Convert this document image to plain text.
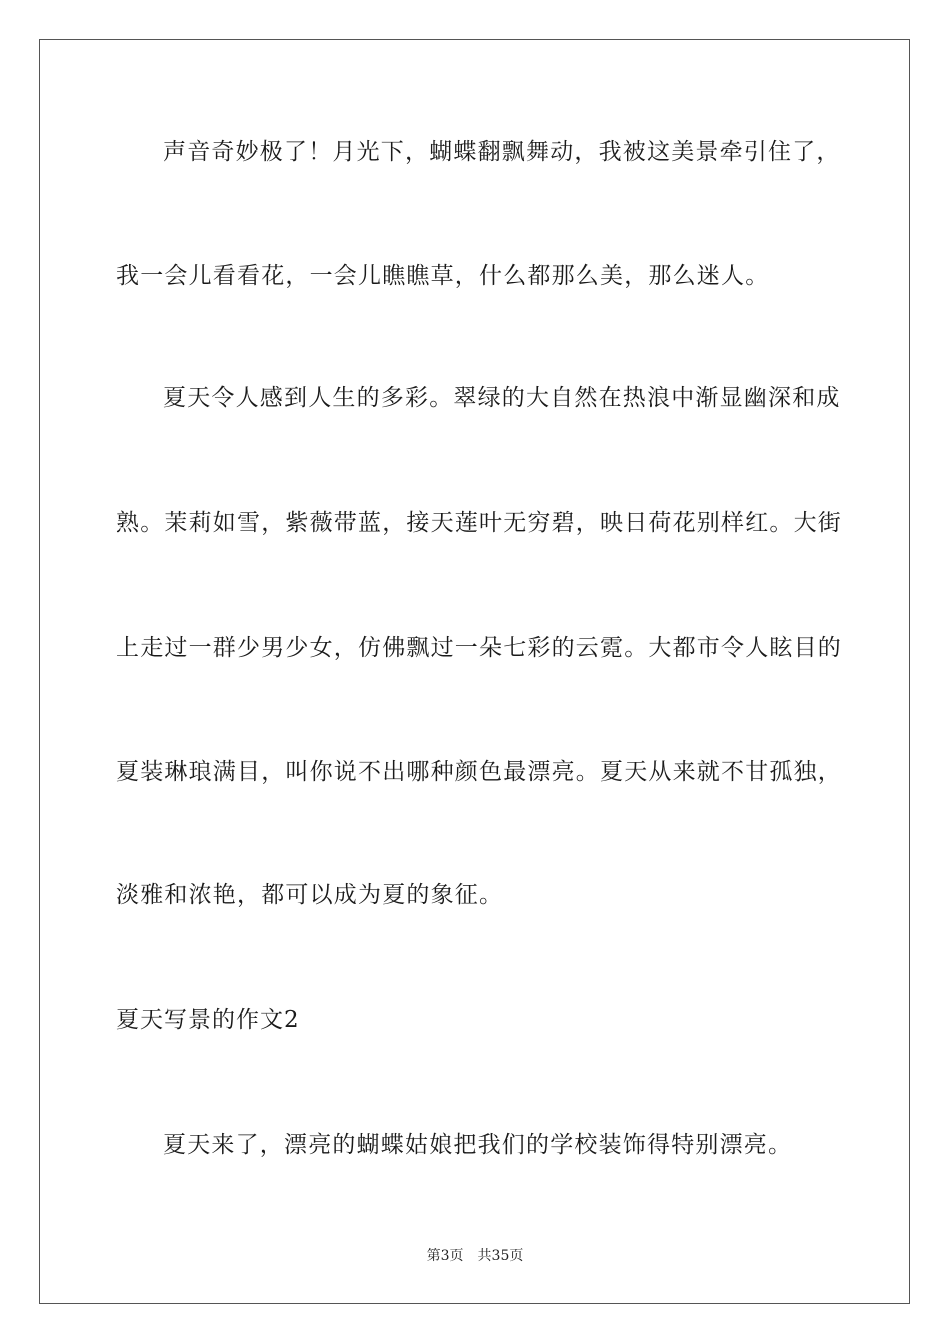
声音奇妙极了！月光下，蝴蝶翻飘舞动，我被这美景牵引住了，
我一会儿看看花，一会儿瞧瞧草，什么都那么美，那么迷人。
夏天令人感到人生的多彩。翠绿的大自然在热浪中渐显幽深和成
熟。茉莉如雪，紫薇带蓝，接天莲叶无穷碧，映日荷花别样红。大街
上走过一群少男少女，仿佛飘过一朵七彩的云霓。大都市令人眩目的
夏装琳琅满目，叫你说不出哪种颜色最漂亮。夏天从来就不甘孤独，
淡雅和浓艳，都可以成为夏的象征。
夏天写景的作文2
夏天来了，漂亮的蝴蝶姑娘把我们的学校装饰得特别漂亮。
第3页 共35页
